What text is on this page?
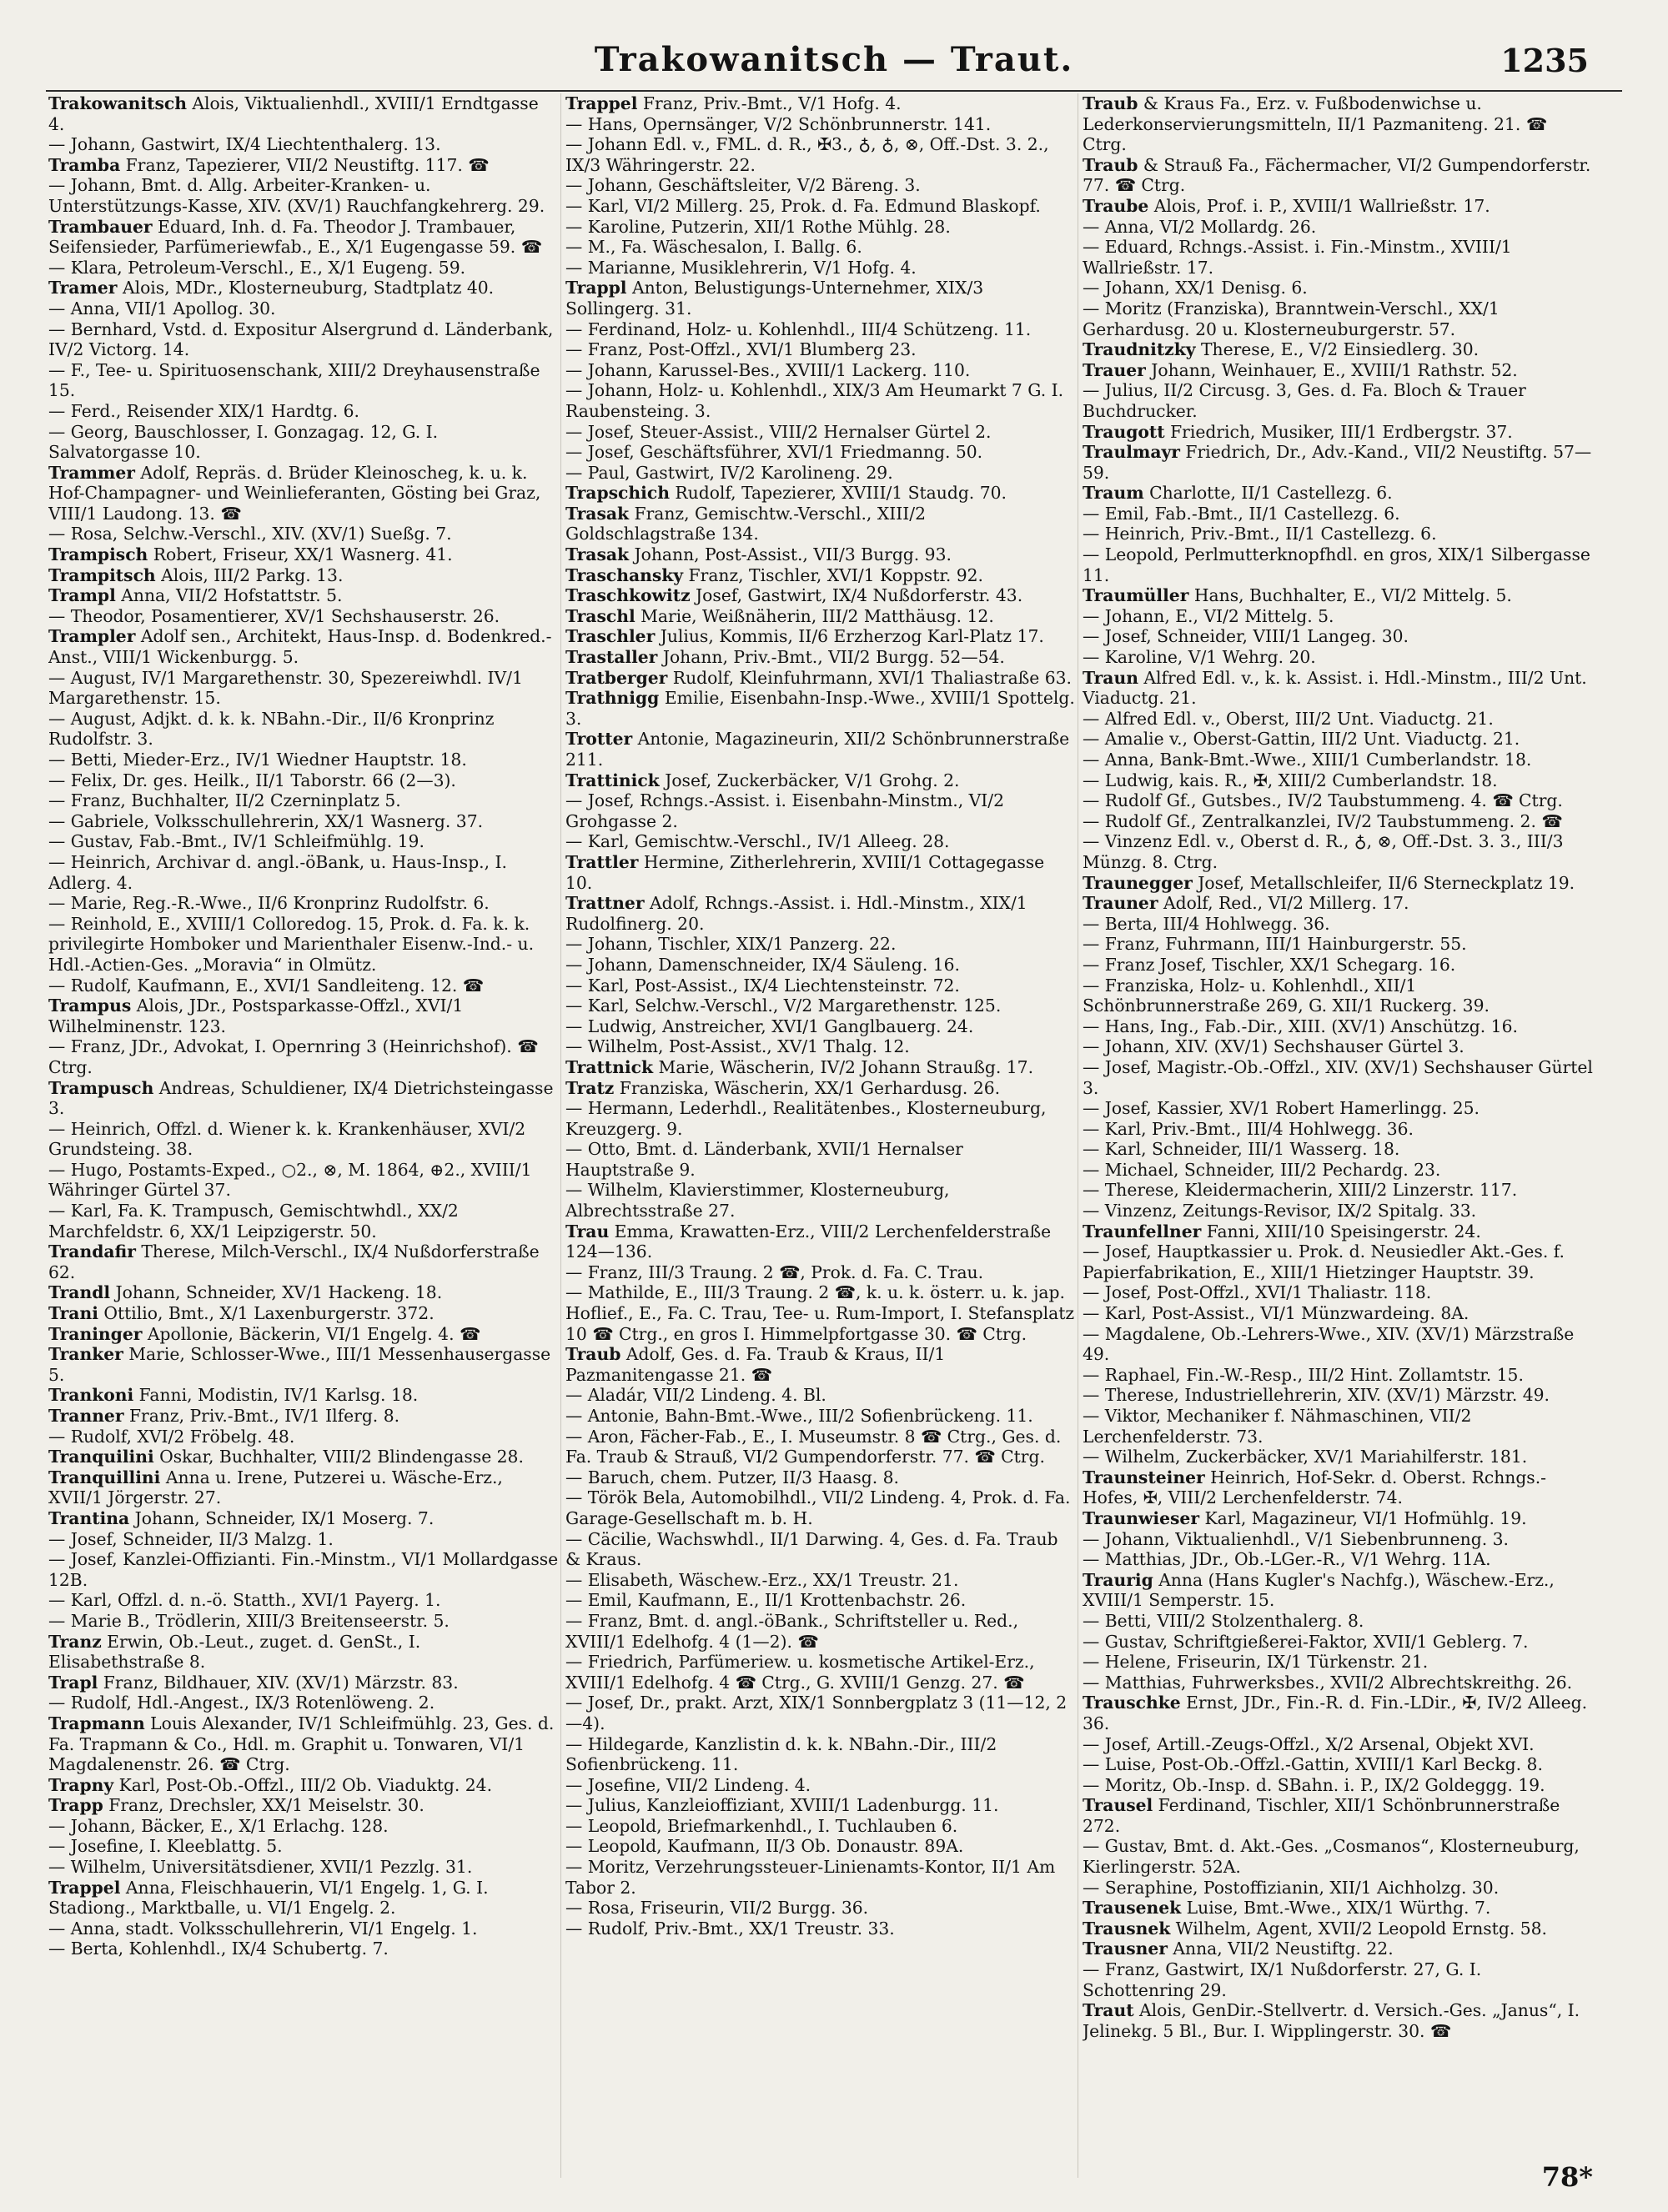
Trakowanitsch — Traut.	1235
Trakowanitsch Alois, Viktualienhdl., XVIII/1 Erndtgasse 4.
— Johann, Gastwirt, IX/4 Liechtenthalerg. 13.
Tramba Franz, Tapezierer, VII/2 Neustiftg. 117. ☎
— Johann, Bmt. d. Allg. Arbeiter-Kranken- u. Unterstützungs-Kasse, XIV. (XV/1) Rauchfangkehrerg. 29.
Trambauer Eduard, Inh. d. Fa. Theodor J. Trambauer, Seifensieder, Parfümeriewfab., E., X/1 Eugengasse 59. ☎
— Klara, Petroleum-Verschl., E., X/1 Eugeng. 59.
Tramer Alois, MDr., Klosterneuburg, Stadtplatz 40.
— Anna, VII/1 Apollog. 30.
— Bernhard, Vstd. d. Expositur Alsergrund d. Länderbank, IV/2 Victorg. 14.
— F., Tee- u. Spirituosenschank, XIII/2 Dreyhausenstraße 15.
— Ferd., Reisender XIX/1 Hardtg. 6.
— Georg, Bauschlosser, I. Gonzagag. 12, G. I. Salvatorgasse 10.
Trammer Adolf, Repräs. d. Brüder Kleinoscheg, k. u. k. Hof-Champagner- und Weinlieferanten, Gösting bei Graz, VIII/1 Laudong. 13. ☎
— Rosa, Selchw.-Verschl., XIV. (XV/1) Sueßg. 7.
Trampisch Robert, Friseur, XX/1 Wasnerg. 41.
Trampitsch Alois, III/2 Parkg. 13.
Trampl Anna, VII/2 Hofstattstr. 5.
— Theodor, Posamentierer, XV/1 Sechshauserstr. 26.
Trampler Adolf sen., Architekt, Haus-Insp. d. Bodenkred.-Anst., VIII/1 Wickenburgg. 5.
— August, IV/1 Margarethenstr. 30, Spezereiwhdl. IV/1 Margarethenstr. 15.
— August, Adjkt. d. k. k. NBahn.-Dir., II/6 Kronprinz Rudolfstr. 3.
— Betti, Mieder-Erz., IV/1 Wiedner Hauptstr. 18.
— Felix, Dr. ges. Heilk., II/1 Taborstr. 66 (2—3).
— Franz, Buchhalter, II/2 Czerninplatz 5.
— Gabriele, Volksschullehrerin, XX/1 Wasnerg. 37.
— Gustav, Fab.-Bmt., IV/1 Schleifmühlg. 19.
— Heinrich, Archivar d. angl.-öBank, u. Haus-Insp., I. Adlerg. 4.
— Marie, Reg.-R.-Wwe., II/6 Kronprinz Rudolfstr. 6.
— Reinhold, E., XVIII/1 Colloredog. 15, Prok. d. Fa. k. k. privilegirte Homboker und Marienthaler Eisenw.-Ind.- u. Hdl.-Actien-Ges. „Moravia“ in Olmütz.
— Rudolf, Kaufmann, E., XVI/1 Sandleiteng. 12. ☎
Trampus Alois, JDr., Postsparkasse-Offzl., XVI/1 Wilhelminenstr. 123.
— Franz, JDr., Advokat, I. Opernring 3 (Heinrichshof). ☎ Ctrg.
Trampusch Andreas, Schuldiener, IX/4 Dietrichsteingasse 3.
— Heinrich, Offzl. d. Wiener k. k. Krankenhäuser, XVI/2 Grundsteing. 38.
— Hugo, Postamts-Exped., ○2., ⊗, M. 1864, ⊕2., XVIII/1 Währinger Gürtel 37.
— Karl, Fa. K. Trampusch, Gemischtwhdl., XX/2 Marchfeldstr. 6, XX/1 Leipzigerstr. 50.
Trandafir Therese, Milch-Verschl., IX/4 Nußdorferstraße 62.
Trandl Johann, Schneider, XV/1 Hackeng. 18.
Trani Ottilio, Bmt., X/1 Laxenburgerstr. 372.
Traninger Apollonie, Bäckerin, VI/1 Engelg. 4. ☎
Tranker Marie, Schlosser-Wwe., III/1 Messenhausergasse 5.
Trankoni Fanni, Modistin, IV/1 Karlsg. 18.
Tranner Franz, Priv.-Bmt., IV/1 Ilferg. 8.
— Rudolf, XVI/2 Fröbelg. 48.
Tranquilini Oskar, Buchhalter, VIII/2 Blindengasse 28.
Tranquillini Anna u. Irene, Putzerei u. Wäsche-Erz., XVII/1 Jörgerstr. 27.
Trantina Johann, Schneider, IX/1 Moserg. 7.
— Josef, Schneider, II/3 Malzg. 1.
— Josef, Kanzlei-Offizianti. Fin.-Minstm., VI/1 Mollardgasse 12B.
— Karl, Offzl. d. n.-ö. Statth., XVI/1 Payerg. 1.
— Marie B., Trödlerin, XIII/3 Breitenseerstr. 5.
Tranz Erwin, Ob.-Leut., zuget. d. GenSt., I. Elisabethstraße 8.
Trapl Franz, Bildhauer, XIV. (XV/1) Märzstr. 83.
— Rudolf, Hdl.-Angest., IX/3 Rotenlöweng. 2.
Trapmann Louis Alexander, IV/1 Schleifmühlg. 23, Ges. d. Fa. Trapmann & Co., Hdl. m. Graphit u. Tonwaren, VI/1 Magdalenenstr. 26. ☎ Ctrg.
Trapny Karl, Post-Ob.-Offzl., III/2 Ob. Viaduktg. 24.
Trapp Franz, Drechsler, XX/1 Meiselstr. 30.
— Johann, Bäcker, E., X/1 Erlachg. 128.
— Josefine, I. Kleeblattg. 5.
— Wilhelm, Universitätsdiener, XVII/1 Pezzlg. 31.
Trappel Anna, Fleischhauerin, VI/1 Engelg. 1, G. I. Stadiong., Marktballe, u. VI/1 Engelg. 2.
— Anna, stadt. Volksschullehrerin, VI/1 Engelg. 1.
— Berta, Kohlenhdl., IX/4 Schubertg. 7.
Trappel Franz, Priv.-Bmt., V/1 Hofg. 4.
— Hans, Opernsänger, V/2 Schönbrunnerstr. 141.
— Johann Edl. v., FML. d. R., ✠3., ♁, ♁, ⊗, Off.-Dst. 3. 2., IX/3 Währingerstr. 22.
— Johann, Geschäftsleiter, V/2 Bäreng. 3.
— Karl, VI/2 Millerg. 25, Prok. d. Fa. Edmund Blaskopf.
— Karoline, Putzerin, XII/1 Rothe Mühlg. 28.
— M., Fa. Wäschesalon, I. Ballg. 6.
— Marianne, Musiklehrerin, V/1 Hofg. 4.
Trappl Anton, Belustigungs-Unternehmer, XIX/3 Sollingerg. 31.
— Ferdinand, Holz- u. Kohlenhdl., III/4 Schützeng. 11.
— Franz, Post-Offzl., XVI/1 Blumberg 23.
— Johann, Karussel-Bes., XVIII/1 Lackerg. 110.
— Johann, Holz- u. Kohlenhdl., XIX/3 Am Heumarkt 7 G. I. Raubensteing. 3.
— Josef, Steuer-Assist., VIII/2 Hernalser Gürtel 2.
— Josef, Geschäftsführer, XVI/1 Friedmanng. 50.
— Paul, Gastwirt, IV/2 Karolineng. 29.
Trapschich Rudolf, Tapezierer, XVIII/1 Staudg. 70.
Trasak Franz, Gemischtw.-Verschl., XIII/2 Goldschlagstraße 134.
Trasak Johann, Post-Assist., VII/3 Burgg. 93.
Traschansky Franz, Tischler, XVI/1 Koppstr. 92.
Traschkowitz Josef, Gastwirt, IX/4 Nußdorferstr. 43.
Traschl Marie, Weißnäherin, III/2 Matthäusg. 12.
Traschler Julius, Kommis, II/6 Erzherzog Karl-Platz 17.
Trastaller Johann, Priv.-Bmt., VII/2 Burgg. 52—54.
Tratberger Rudolf, Kleinfuhrmann, XVI/1 Thaliastraße 63.
Trathnigg Emilie, Eisenbahn-Insp.-Wwe., XVIII/1 Spottelg. 3.
Trotter Antonie, Magazineurin, XII/2 Schönbrunnerstraße 211.
Trattinick Josef, Zuckerbäcker, V/1 Grohg. 2.
— Josef, Rchngs.-Assist. i. Eisenbahn-Minstm., VI/2 Grohgasse 2.
— Karl, Gemischtw.-Verschl., IV/1 Alleeg. 28.
Trattler Hermine, Zitherlehrerin, XVIII/1 Cottagegasse 10.
Trattner Adolf, Rchngs.-Assist. i. Hdl.-Minstm., XIX/1 Rudolfinerg. 20.
— Johann, Tischler, XIX/1 Panzerg. 22.
— Johann, Damenschneider, IX/4 Säuleng. 16.
— Karl, Post-Assist., IX/4 Liechtensteinstr. 72.
— Karl, Selchw.-Verschl., V/2 Margarethenstr. 125.
— Ludwig, Anstreicher, XVI/1 Ganglbauerg. 24.
— Wilhelm, Post-Assist., XV/1 Thalg. 12.
Trattnick Marie, Wäscherin, IV/2 Johann Straußg. 17.
Tratz Franziska, Wäscherin, XX/1 Gerhardusg. 26.
— Hermann, Lederhdl., Realitätenbes., Klosterneuburg, Kreuzgerg. 9.
— Otto, Bmt. d. Länderbank, XVII/1 Hernalser Hauptstraße 9.
— Wilhelm, Klavierstimmer, Klosterneuburg, Albrechtsstraße 27.
Trau Emma, Krawatten-Erz., VIII/2 Lerchenfelderstraße 124—136.
— Franz, III/3 Traung. 2 ☎, Prok. d. Fa. C. Trau.
— Mathilde, E., III/3 Traung. 2 ☎, k. u. k. österr. u. k. jap. Hoflief., E., Fa. C. Trau, Tee- u. Rum-Import, I. Stefansplatz 10 ☎ Ctrg., en gros I. Himmelpfortgasse 30. ☎ Ctrg.
Traub Adolf, Ges. d. Fa. Traub & Kraus, II/1 Pazmanitengasse 21. ☎
— Aladár, VII/2 Lindeng. 4. Bl.
— Antonie, Bahn-Bmt.-Wwe., III/2 Sofienbrückeng. 11.
— Aron, Fächer-Fab., E., I. Museumstr. 8 ☎ Ctrg., Ges. d. Fa. Traub & Strauß, VI/2 Gumpendorferstr. 77. ☎ Ctrg.
— Baruch, chem. Putzer, II/3 Haasg. 8.
— Török Bela, Automobilhdl., VII/2 Lindeng. 4, Prok. d. Fa. Garage-Gesellschaft m. b. H.
— Cäcilie, Wachswhdl., II/1 Darwing. 4, Ges. d. Fa. Traub & Kraus.
— Elisabeth, Wäschew.-Erz., XX/1 Treustr. 21.
— Emil, Kaufmann, E., II/1 Krottenbachstr. 26.
— Franz, Bmt. d. angl.-öBank., Schriftsteller u. Red., XVIII/1 Edelhofg. 4 (1—2). ☎
— Friedrich, Parfümeriew. u. kosmetische Artikel-Erz., XVIII/1 Edelhofg. 4 ☎ Ctrg., G. XVIII/1 Genzg. 27. ☎
— Josef, Dr., prakt. Arzt, XIX/1 Sonnbergplatz 3 (11—12, 2—4).
— Hildegarde, Kanzlistin d. k. k. NBahn.-Dir., III/2 Sofienbrückeng. 11.
— Josefine, VII/2 Lindeng. 4.
— Julius, Kanzleioffiziant, XVIII/1 Ladenburgg. 11.
— Leopold, Briefmarkenhdl., I. Tuchlauben 6.
— Leopold, Kaufmann, II/3 Ob. Donaustr. 89A.
— Moritz, Verzehrungssteuer-Linienamts-Kontor, II/1 Am Tabor 2.
— Rosa, Friseurin, VII/2 Burgg. 36.
— Rudolf, Priv.-Bmt., XX/1 Treustr. 33.
Traub & Kraus Fa., Erz. v. Fußbodenwichse u. Lederkonservierungsmitteln, II/1 Pazmaniteng. 21. ☎ Ctrg.
Traub & Strauß Fa., Fächermacher, VI/2 Gumpendorferstr. 77. ☎ Ctrg.
Traube Alois, Prof. i. P., XVIII/1 Wallrießstr. 17.
— Anna, VI/2 Mollardg. 26.
— Eduard, Rchngs.-Assist. i. Fin.-Minstm., XVIII/1 Wallrießstr. 17.
— Johann, XX/1 Denisg. 6.
— Moritz (Franziska), Branntwein-Verschl., XX/1 Gerhardusg. 20 u. Klosterneuburgerstr. 57.
Traudnitzky Therese, E., V/2 Einsiedlerg. 30.
Trauer Johann, Weinhauer, E., XVIII/1 Rathstr. 52.
— Julius, II/2 Circusg. 3, Ges. d. Fa. Bloch & Trauer Buchdrucker.
Traugott Friedrich, Musiker, III/1 Erdbergstr. 37.
Traulmayr Friedrich, Dr., Adv.-Kand., VII/2 Neustiftg. 57—59.
Traum Charlotte, II/1 Castellezg. 6.
— Emil, Fab.-Bmt., II/1 Castellezg. 6.
— Heinrich, Priv.-Bmt., II/1 Castellezg. 6.
— Leopold, Perlmutterknopfhdl. en gros, XIX/1 Silbergasse 11.
Traumüller Hans, Buchhalter, E., VI/2 Mittelg. 5.
— Johann, E., VI/2 Mittelg. 5.
— Josef, Schneider, VIII/1 Langeg. 30.
— Karoline, V/1 Wehrg. 20.
Traun Alfred Edl. v., k. k. Assist. i. Hdl.-Minstm., III/2 Unt. Viaductg. 21.
— Alfred Edl. v., Oberst, III/2 Unt. Viaductg. 21.
— Amalie v., Oberst-Gattin, III/2 Unt. Viaductg. 21.
— Anna, Bank-Bmt.-Wwe., XIII/1 Cumberlandstr. 18.
— Ludwig, kais. R., ✠, XIII/2 Cumberlandstr. 18.
— Rudolf Gf., Gutsbes., IV/2 Taubstummeng. 4. ☎ Ctrg.
— Rudolf Gf., Zentralkanzlei, IV/2 Taubstummeng. 2. ☎
— Vinzenz Edl. v., Oberst d. R., ♁, ⊗, Off.-Dst. 3. 3., III/3 Münzg. 8. Ctrg.
Traunegger Josef, Metallschleifer, II/6 Sterneckplatz 19.
Trauner Adolf, Red., VI/2 Millerg. 17.
— Berta, III/4 Hohlwegg. 36.
— Franz, Fuhrmann, III/1 Hainburgerstr. 55.
— Franz Josef, Tischler, XX/1 Schegarg. 16.
— Franziska, Holz- u. Kohlenhdl., XII/1 Schönbrunnerstraße 269, G. XII/1 Ruckerg. 39.
— Hans, Ing., Fab.-Dir., XIII. (XV/1) Anschützg. 16.
— Johann, XIV. (XV/1) Sechshauser Gürtel 3.
— Josef, Magistr.-Ob.-Offzl., XIV. (XV/1) Sechshauser Gürtel 3.
— Josef, Kassier, XV/1 Robert Hamerlingg. 25.
— Karl, Priv.-Bmt., III/4 Hohlwegg. 36.
— Karl, Schneider, III/1 Wasserg. 18.
— Michael, Schneider, III/2 Pechardg. 23.
— Therese, Kleidermacherin, XIII/2 Linzerstr. 117.
— Vinzenz, Zeitungs-Revisor, IX/2 Spitalg. 33.
Traunfellner Fanni, XIII/10 Speisingerstr. 24.
— Josef, Hauptkassier u. Prok. d. Neusiedler Akt.-Ges. f. Papierfabrikation, E., XIII/1 Hietzinger Hauptstr. 39.
— Josef, Post-Offzl., XVI/1 Thaliastr. 118.
— Karl, Post-Assist., VI/1 Münzwardeing. 8A.
— Magdalene, Ob.-Lehrers-Wwe., XIV. (XV/1) Märzstraße 49.
— Raphael, Fin.-W.-Resp., III/2 Hint. Zollamtstr. 15.
— Therese, Industriellehrerin, XIV. (XV/1) Märzstr. 49.
— Viktor, Mechaniker f. Nähmaschinen, VII/2 Lerchenfelderstr. 73.
— Wilhelm, Zuckerbäcker, XV/1 Mariahilferstr. 181.
Traunsteiner Heinrich, Hof-Sekr. d. Oberst. Rchngs.-Hofes, ✠, VIII/2 Lerchenfelderstr. 74.
Traunwieser Karl, Magazineur, VI/1 Hofmühlg. 19.
— Johann, Viktualienhdl., V/1 Siebenbrunneng. 3.
— Matthias, JDr., Ob.-LGer.-R., V/1 Wehrg. 11A.
Traurig Anna (Hans Kugler's Nachfg.), Wäschew.-Erz., XVIII/1 Semperstr. 15.
— Betti, VIII/2 Stolzenthalerg. 8.
— Gustav, Schriftgießerei-Faktor, XVII/1 Geblerg. 7.
— Helene, Friseurin, IX/1 Türkenstr. 21.
— Matthias, Fuhrwerksbes., XVII/2 Albrechtskreithg. 26.
Trauschke Ernst, JDr., Fin.-R. d. Fin.-LDir., ✠, IV/2 Alleeg. 36.
— Josef, Artill.-Zeugs-Offzl., X/2 Arsenal, Objekt XVI.
— Luise, Post-Ob.-Offzl.-Gattin, XVIII/1 Karl Beckg. 8.
— Moritz, Ob.-Insp. d. SBahn. i. P., IX/2 Goldeggg. 19.
Trausel Ferdinand, Tischler, XII/1 Schönbrunnerstraße 272.
— Gustav, Bmt. d. Akt.-Ges. „Cosmanos“, Klosterneuburg, Kierlingerstr. 52A.
— Seraphine, Postoffizianin, XII/1 Aichholzg. 30.
Trausenek Luise, Bmt.-Wwe., XIX/1 Würthg. 7.
Trausnek Wilhelm, Agent, XVII/2 Leopold Ernstg. 58.
Trausner Anna, VII/2 Neustiftg. 22.
— Franz, Gastwirt, IX/1 Nußdorferstr. 27, G. I. Schottenring 29.
Traut Alois, GenDir.-Stellvertr. d. Versich.-Ges. „Janus“, I. Jelinekg. 5 Bl., Bur. I. Wipplingerstr. 30. ☎
78*
